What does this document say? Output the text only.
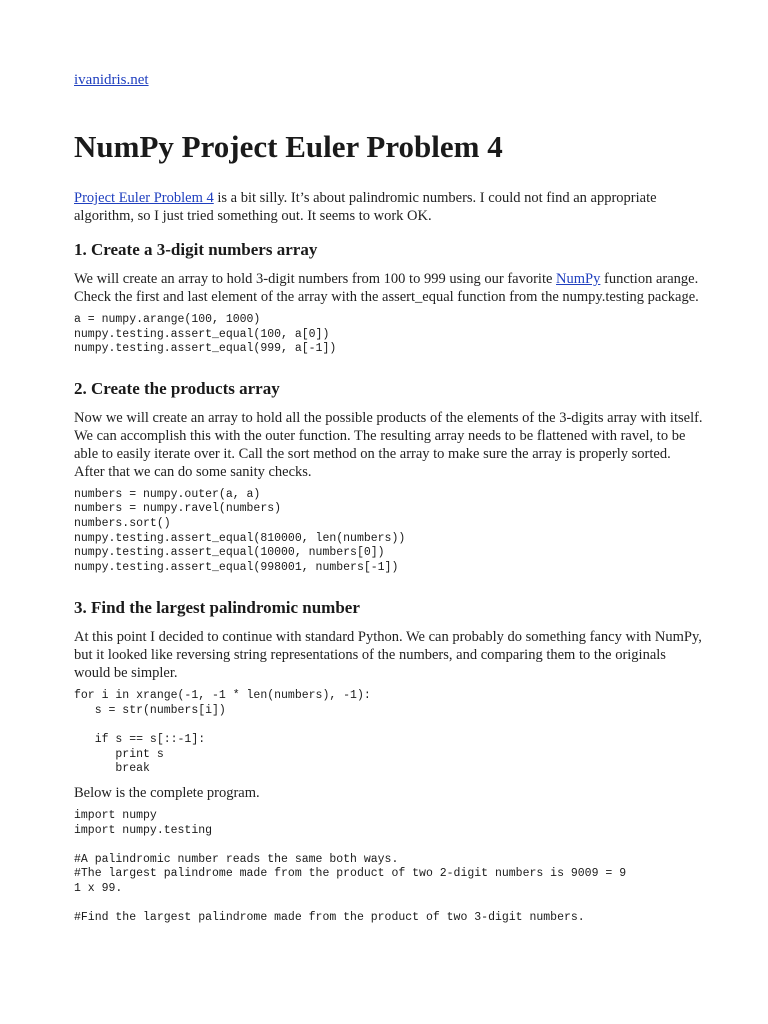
ivanidris.net
NumPy Project Euler Problem 4

Project Euler Problem 4 is a bit silly. It’s about palindromic numbers. I could not find an appropriate algorithm, so I just tried something out. It seems to work OK.

1. Create a 3-digit numbers array

We will create an array to hold 3-digit numbers from 100 to 999 using our favorite NumPy function arange. Check the first and last element of the array with the assert_equal function from the numpy.testing package.

a = numpy.arange(100, 1000)
numpy.testing.assert_equal(100, a[0])
numpy.testing.assert_equal(999, a[-1])
2. Create the products array

Now we will create an array to hold all the possible products of the elements of the 3-digits array with itself. We can accomplish this with the outer function. The resulting array needs to be flattened with ravel, to be able to easily iterate over it. Call the sort method on the array to make sure the array is properly sorted. After that we can do some sanity checks.

numbers = numpy.outer(a, a)
numbers = numpy.ravel(numbers)
numbers.sort()
numpy.testing.assert_equal(810000, len(numbers))
numpy.testing.assert_equal(10000, numbers[0])
numpy.testing.assert_equal(998001, numbers[-1])
3. Find the largest palindromic number

At this point I decided to continue with standard Python. We can probably do something fancy with NumPy, but it looked like reversing string representations of the numbers, and comparing them to the originals would be simpler.

for i in xrange(-1, -1 * len(numbers), -1):
s = str(numbers[i])

if s == s[::-1]:
print s
break

Below is the complete program.

import numpy
import numpy.testing

#A palindromic number reads the same both ways.
#The largest palindrome made from the product of two 2-digit numbers is 9009 = 9
1 x 99.

#Find the largest palindrome made from the product of two 3-digit numbers.
